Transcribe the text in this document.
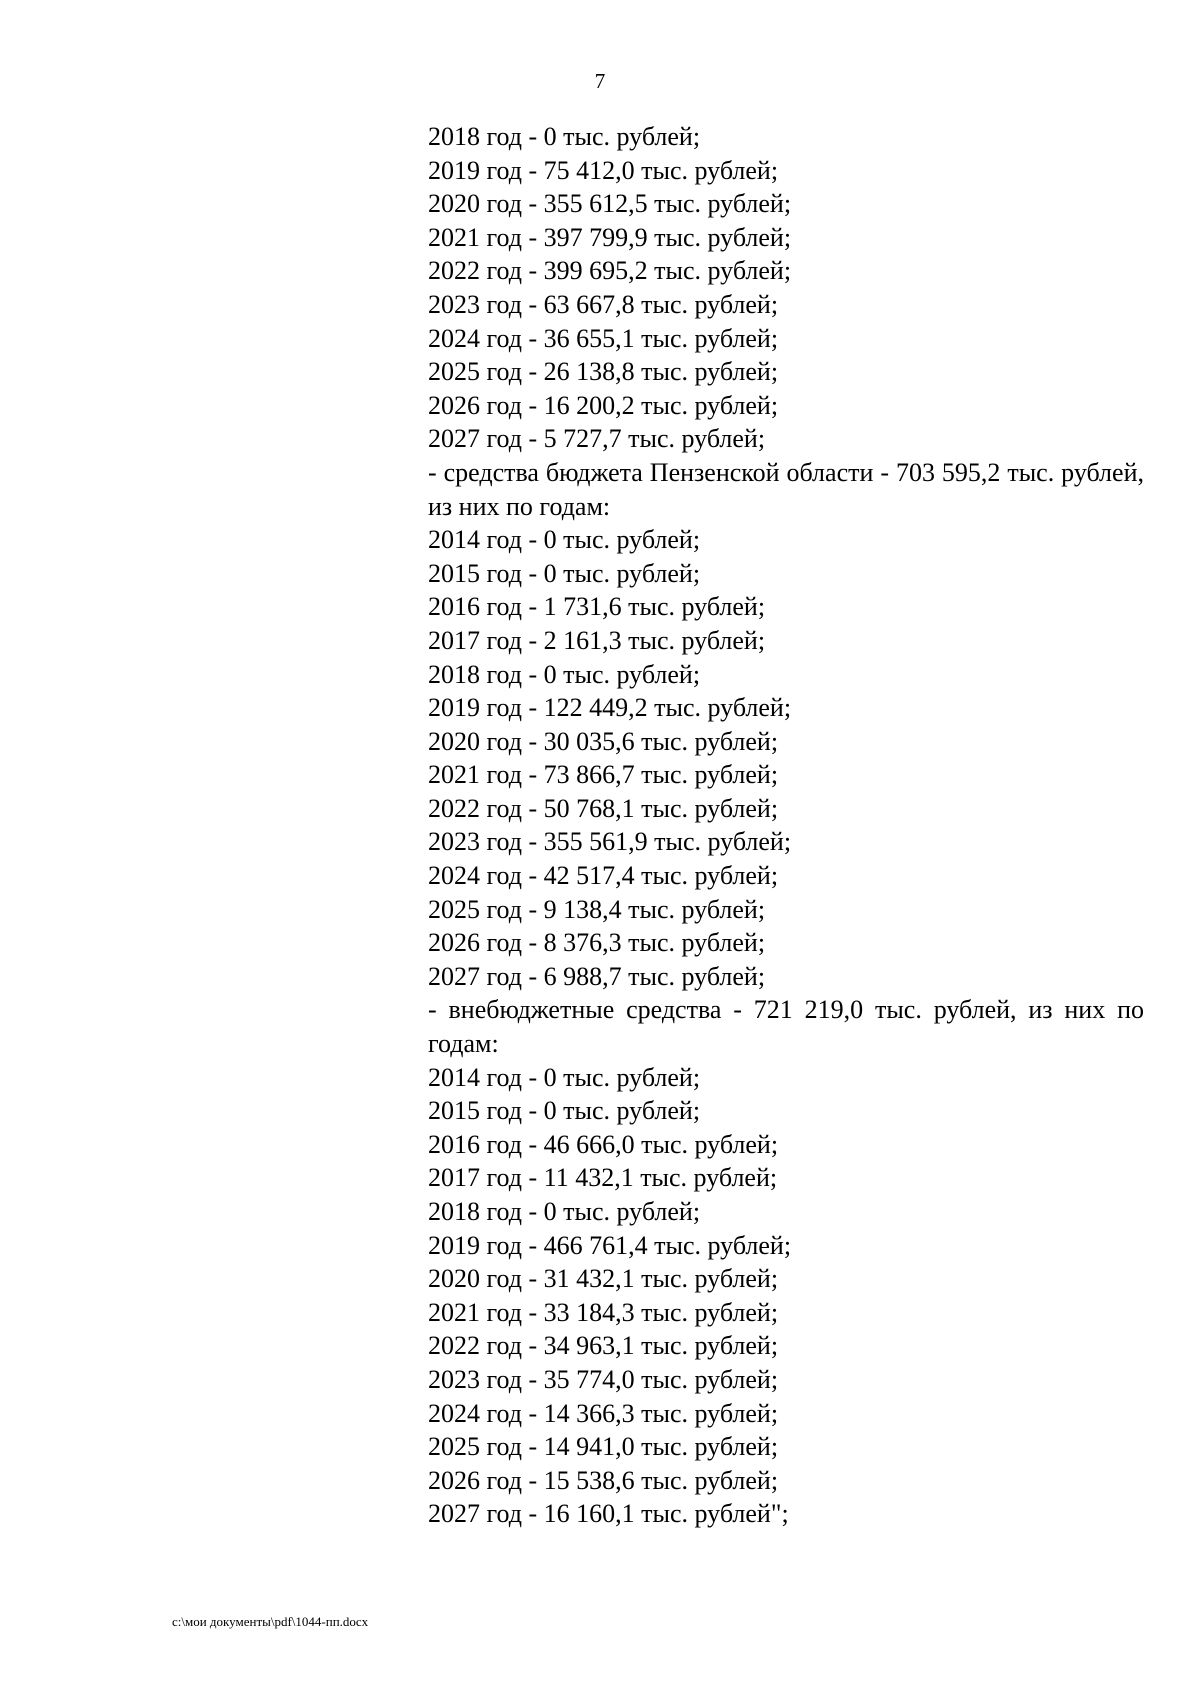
7
2018 год - 0 тыс. рублей;
2019 год - 75 412,0 тыс. рублей;
2020 год - 355 612,5 тыс. рублей;
2021 год - 397 799,9 тыс. рублей;
2022 год - 399 695,2 тыс. рублей;
2023 год - 63 667,8 тыс. рублей;
2024 год - 36 655,1 тыс. рублей;
2025 год - 26 138,8 тыс. рублей;
2026 год - 16 200,2 тыс. рублей;
2027 год - 5 727,7 тыс. рублей;
- средства бюджета Пензенской области - 703 595,2 тыс. рублей, из них по годам:
2014 год - 0 тыс. рублей;
2015 год - 0 тыс. рублей;
2016 год - 1 731,6 тыс. рублей;
2017 год - 2 161,3 тыс. рублей;
2018 год - 0 тыс. рублей;
2019 год - 122 449,2 тыс. рублей;
2020 год - 30 035,6 тыс. рублей;
2021 год - 73 866,7 тыс. рублей;
2022 год - 50 768,1 тыс. рублей;
2023 год - 355 561,9 тыс. рублей;
2024 год - 42 517,4 тыс. рублей;
2025 год - 9 138,4 тыс. рублей;
2026 год - 8 376,3 тыс. рублей;
2027 год - 6 988,7 тыс. рублей;
- внебюджетные средства - 721 219,0 тыс. рублей, из них по годам:
2014 год - 0 тыс. рублей;
2015 год - 0 тыс. рублей;
2016 год - 46 666,0 тыс. рублей;
2017 год - 11 432,1 тыс. рублей;
2018 год - 0 тыс. рублей;
2019 год - 466 761,4 тыс. рублей;
2020 год - 31 432,1 тыс. рублей;
2021 год - 33 184,3 тыс. рублей;
2022 год - 34 963,1 тыс. рублей;
2023 год - 35 774,0 тыс. рублей;
2024 год - 14 366,3 тыс. рублей;
2025 год - 14 941,0 тыс. рублей;
2026 год - 15 538,6 тыс. рублей;
2027 год - 16 160,1 тыс. рублей";
c:\мои документы\pdf\1044-пп.docx
